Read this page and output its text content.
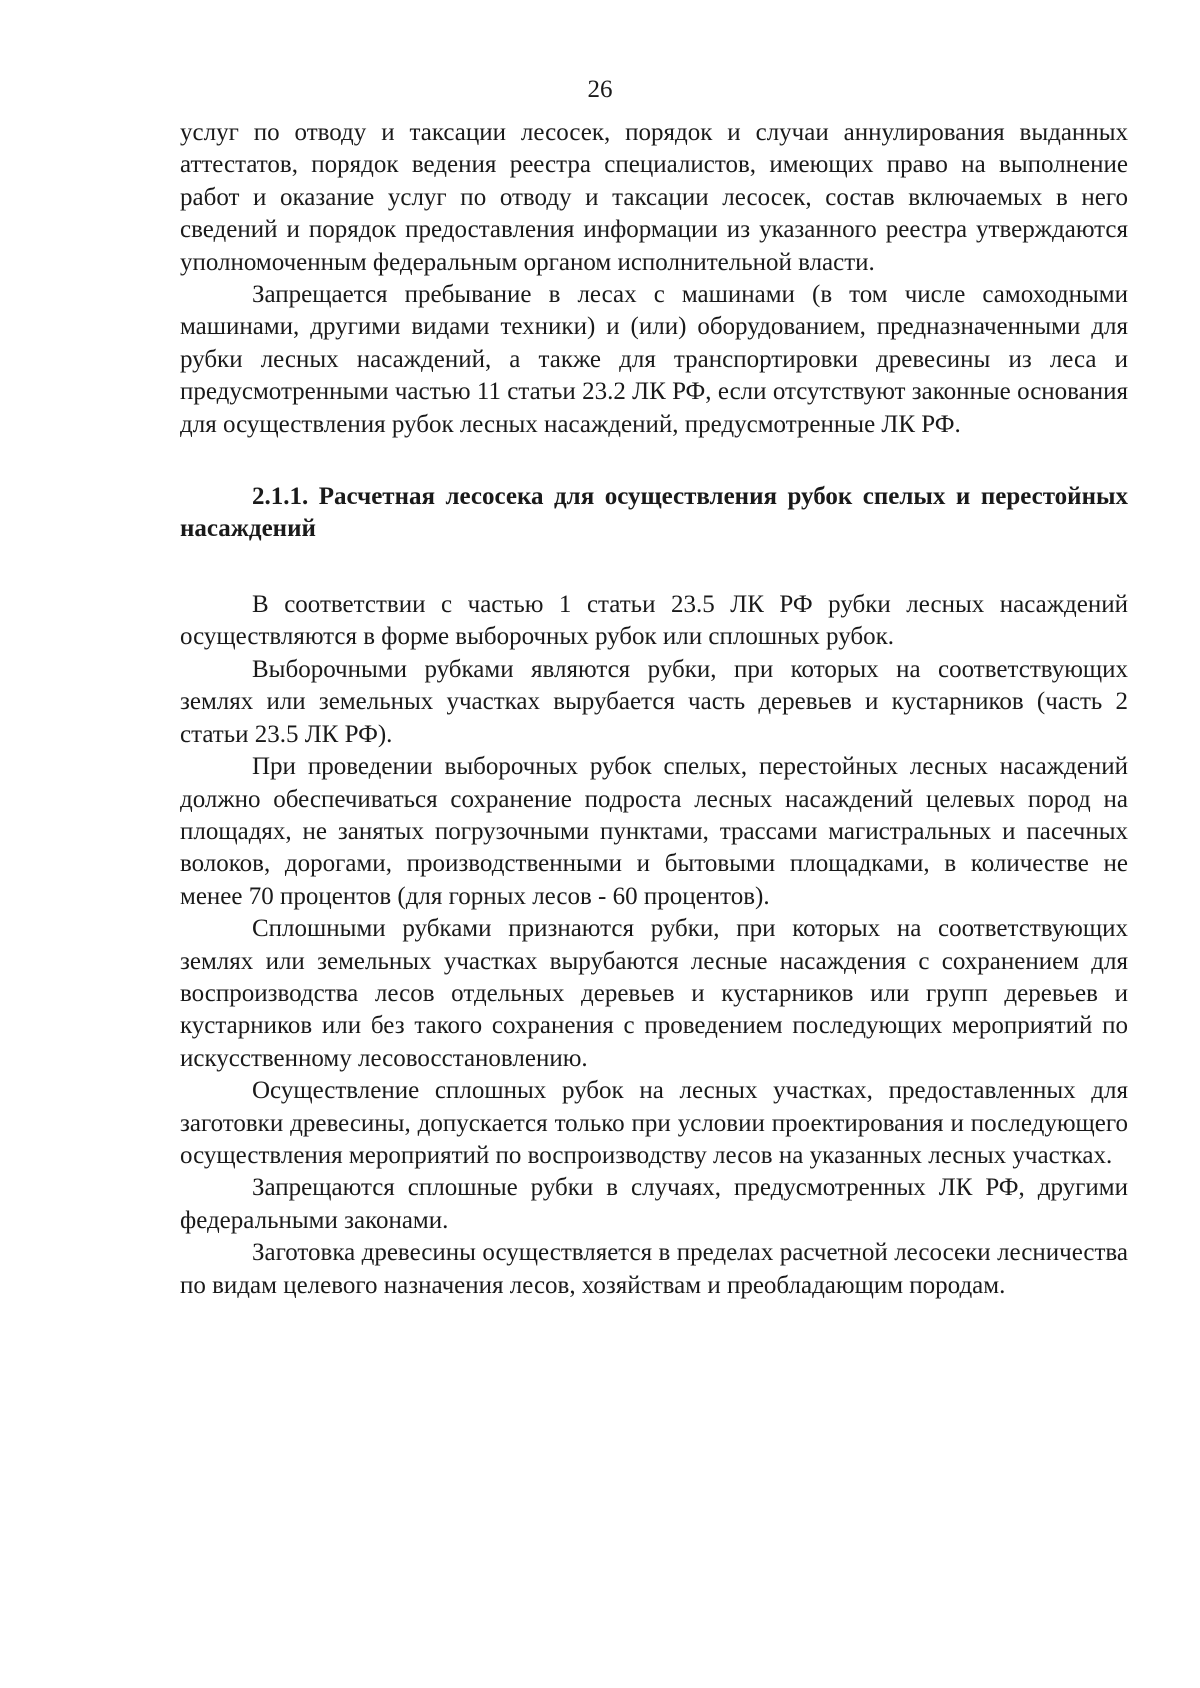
26

услуг по отводу и таксации лесосек, порядок и случаи аннулирования выданных аттестатов, порядок ведения реестра специалистов, имеющих право на выполнение работ и оказание услуг по отводу и таксации лесосек, состав включаемых в него сведений и порядок предоставления информации из указанного реестра утверждаются уполномоченным федеральным органом исполнительной власти.

Запрещается пребывание в лесах с машинами (в том числе самоходными машинами, другими видами техники) и (или) оборудованием, предназначенными для рубки лесных насаждений, а также для транспортировки древесины из леса и предусмотренными частью 11 статьи 23.2 ЛК РФ, если отсутствуют законные основания для осуществления рубок лесных насаждений, предусмотренные ЛК РФ.

2.1.1. Расчетная лесосека для осуществления рубок спелых и перестойных насаждений

В соответствии с частью 1 статьи 23.5 ЛК РФ рубки лесных насаждений осуществляются в форме выборочных рубок или сплошных рубок.

Выборочными рубками являются рубки, при которых на соответствующих землях или земельных участках вырубается часть деревьев и кустарников (часть 2 статьи 23.5 ЛК РФ).

При проведении выборочных рубок спелых, перестойных лесных насаждений должно обеспечиваться сохранение подроста лесных насаждений целевых пород на площадях, не занятых погрузочными пунктами, трассами магистральных и пасечных волоков, дорогами, производственными и бытовыми площадками, в количестве не менее 70 процентов (для горных лесов - 60 процентов).

Сплошными рубками признаются рубки, при которых на соответствующих землях или земельных участках вырубаются лесные насаждения с сохранением для воспроизводства лесов отдельных деревьев и кустарников или групп деревьев и кустарников или без такого сохранения с проведением последующих мероприятий по искусственному лесовосстановлению.

Осуществление сплошных рубок на лесных участках, предоставленных для заготовки древесины, допускается только при условии проектирования и последующего осуществления мероприятий по воспроизводству лесов на указанных лесных участках.

Запрещаются сплошные рубки в случаях, предусмотренных ЛК РФ, другими федеральными законами.

Заготовка древесины осуществляется в пределах расчетной лесосеки лесничества по видам целевого назначения лесов, хозяйствам и преобладающим породам.
